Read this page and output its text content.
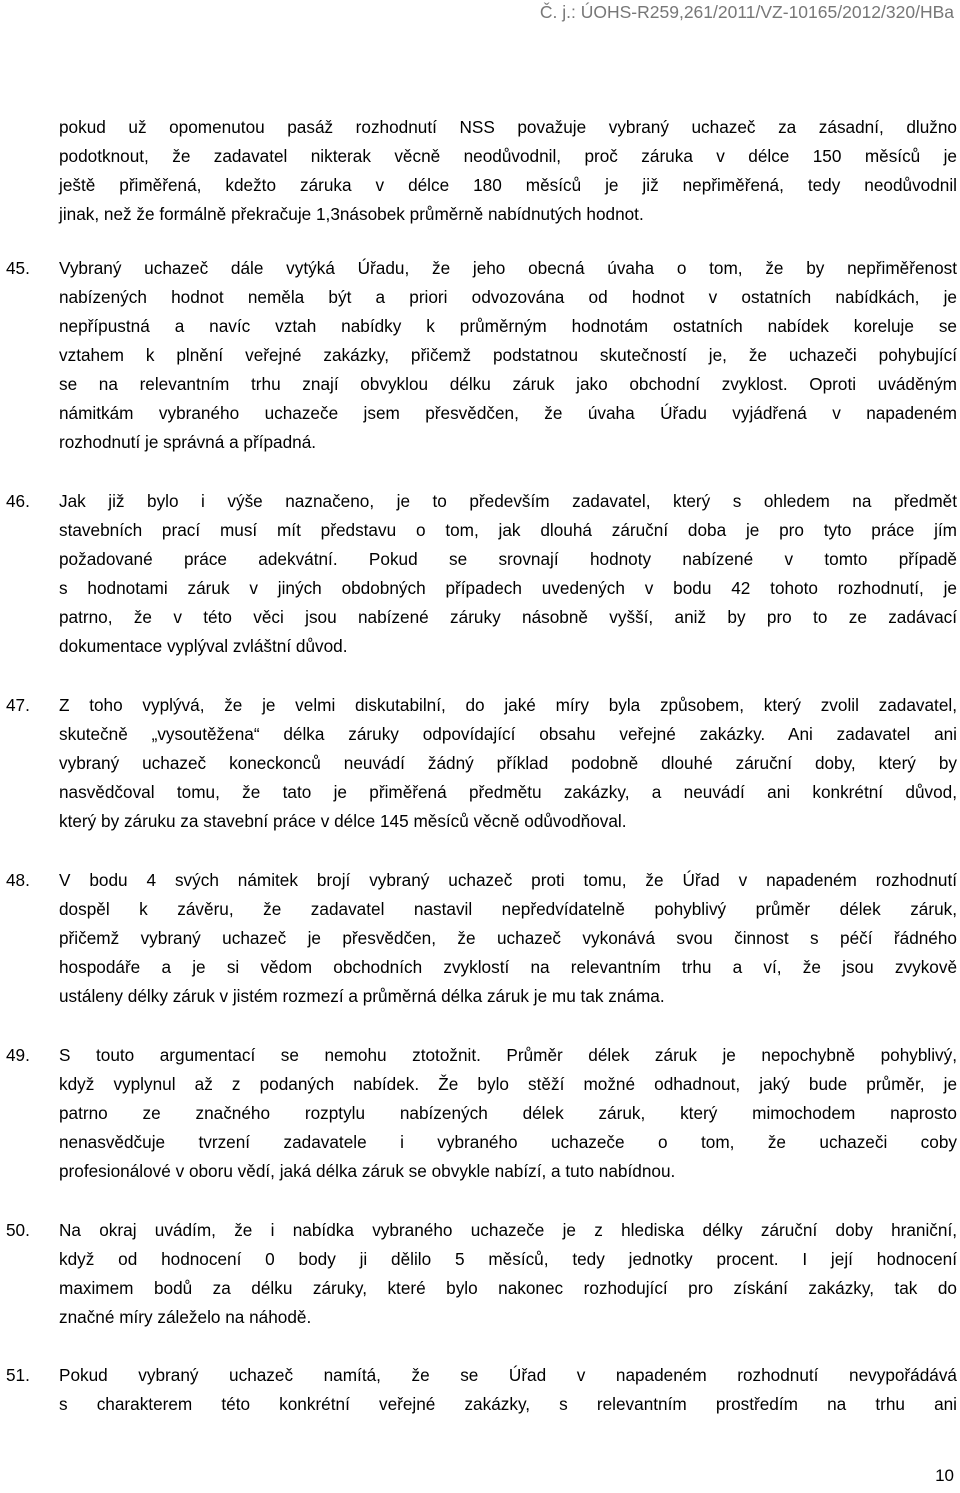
Č. j.: ÚOHS-R259,261/2011/VZ-10165/2012/320/HBa
pokud už opomenutou pasáž rozhodnutí NSS považuje vybraný uchazeč za zásadní, dlužno
podotknout, že zadavatel nikterak věcně neodůvodnil, proč záruka v délce 150 měsíců je
ještě přiměřená, kdežto záruka v délce 180 měsíců je již nepřiměřená, tedy neodůvodnil
jinak, než že formálně překračuje 1,3násobek průměrně nabídnutých hodnot.
45. Vybraný uchazeč dále vytýká Úřadu, že jeho obecná úvaha o tom, že by nepřiměřenost
nabízených hodnot neměla být a priori odvozována od hodnot v ostatních nabídkách, je
nepřípustná a navíc vztah nabídky k průměrným hodnotám ostatních nabídek koreluje se
vztahem k plnění veřejné zakázky, přičemž podstatnou skutečností je, že uchazeči pohybující
se na relevantním trhu znají obvyklou délku záruk jako obchodní zvyklost. Oproti uváděným
námitkám vybraného uchazeče jsem přesvědčen, že úvaha Úřadu vyjádřená v napadeném
rozhodnutí je správná a případná.
46. Jak již bylo i výše naznačeno, je to především zadavatel, který s ohledem na předmět
stavebních prací musí mít představu o tom, jak dlouhá záruční doba je pro tyto práce jím
požadované práce adekvátní. Pokud se srovnají hodnoty nabízené v tomto případě
s hodnotami záruk v jiných obdobných případech uvedených v bodu 42 tohoto rozhodnutí, je
patrno, že v této věci jsou nabízené záruky násobně vyšší, aniž by pro to ze zadávací
dokumentace vyplýval zvláštní důvod.
47. Z toho vyplývá, že je velmi diskutabilní, do jaké míry byla způsobem, který zvolil zadavatel,
skutečně „vysoutěžena“ délka záruky odpovídající obsahu veřejné zakázky. Ani zadavatel ani
vybraný uchazeč koneckonců neuvádí žádný příklad podobně dlouhé záruční doby, který by
nasvědčoval tomu, že tato je přiměřená předmětu zakázky, a neuvádí ani konkrétní důvod,
který by záruku za stavební práce v délce 145 měsíců věcně odůvodňoval.
48. V bodu 4 svých námitek brojí vybraný uchazeč proti tomu, že Úřad v napadeném rozhodnutí
dospěl k závěru, že zadavatel nastavil nepředvídatelně pohyblivý průměr délek záruk,
přičemž vybraný uchazeč je přesvědčen, že uchazeč vykonává svou činnost s péčí řádného
hospodáře a je si vědom obchodních zvyklostí na relevantním trhu a ví, že jsou zvykově
ustáleny délky záruk v jistém rozmezí a průměrná délka záruk je mu tak známa.
49. S touto argumentací se nemohu ztotožnit. Průměr délek záruk je nepochybně pohyblivý,
když vyplynul až z podaných nabídek. Že bylo stěží možné odhadnout, jaký bude průměr, je
patrno ze značného rozptylu nabízených délek záruk, který mimochodem naprosto
nenasvědčuje tvrzení zadavatele i vybraného uchazeče o tom, že uchazeči coby
profesionálové v oboru vědí, jaká délka záruk se obvykle nabízí, a tuto nabídnou.
50. Na okraj uvádím, že i nabídka vybraného uchazeče je z hlediska délky záruční doby hraniční,
když od hodnocení 0 body ji dělilo 5 měsíců, tedy jednotky procent. I její hodnocení
maximem bodů za délku záruky, které bylo nakonec rozhodující pro získání zakázky, tak do
značné míry záleželo na náhodě.
51. Pokud vybraný uchazeč namítá, že se Úřad v napadeném rozhodnutí nevypořádává
s charakterem této konkrétní veřejné zakázky, s relevantním prostředím na trhu ani
10
